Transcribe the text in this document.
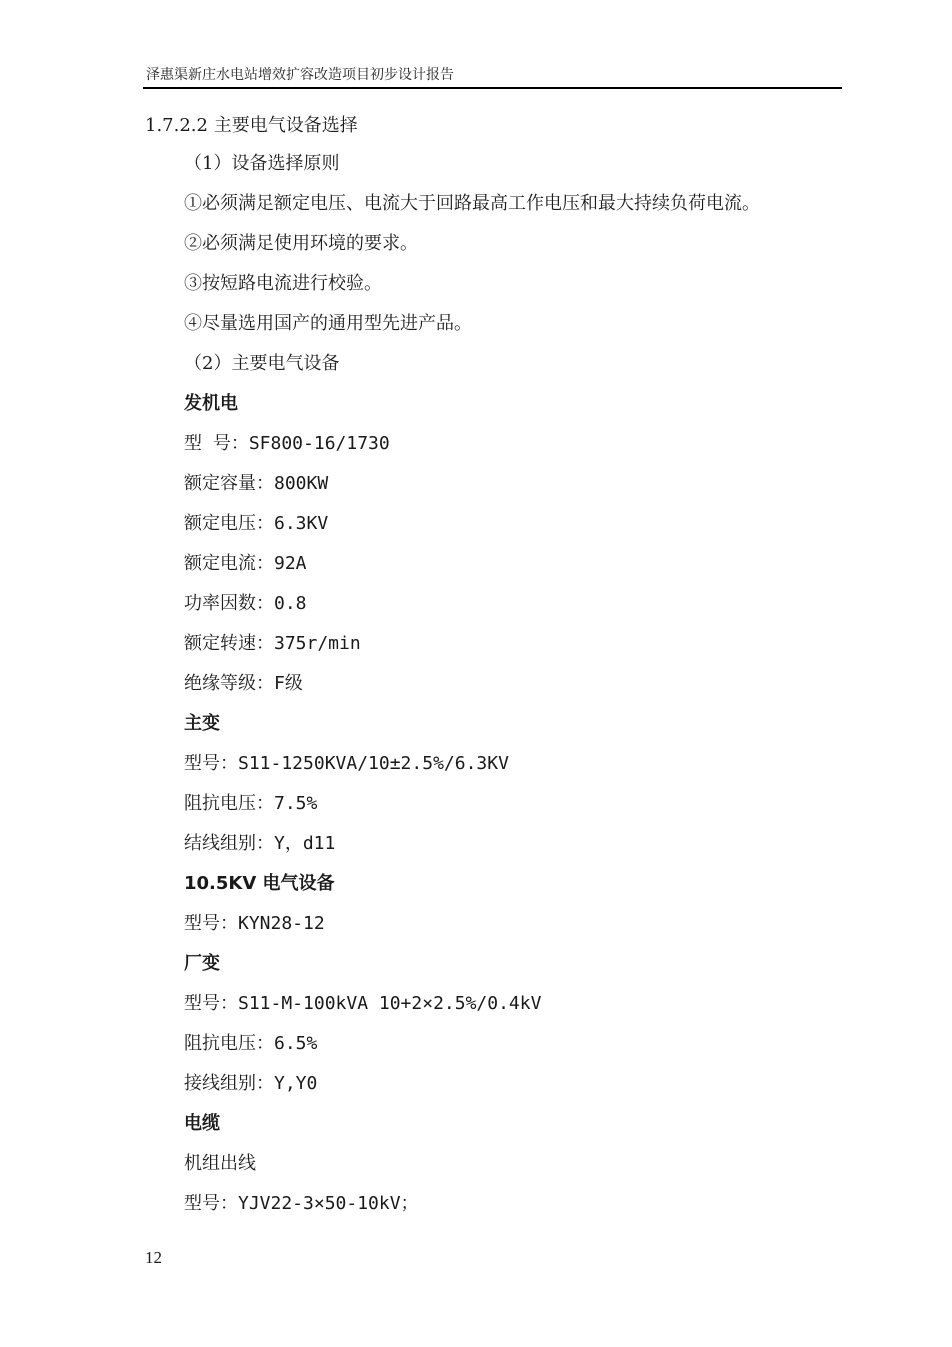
泽惠渠新庄水电站增效扩容改造项目初步设计报告
1.7.2.2 主要电气设备选择
（1）设备选择原则
①必须满足额定电压、电流大于回路最高工作电压和最大持续负荷电流。
②必须满足使用环境的要求。
③按短路电流进行校验。
④尽量选用国产的通用型先进产品。
（2）主要电气设备
发机电
型 号：SF800-16/1730
额定容量：800KW
额定电压：6.3KV
额定电流：92A
功率因数：0.8
额定转速：375r/min
绝缘等级：F级
主变
型号：S11-1250KVA/10±2.5%/6.3KV
阻抗电压：7.5%
结线组别：Y，d11
10.5KV 电气设备
型号：KYN28-12
厂变
型号：S11-M-100kVA 10+2×2.5%/0.4kV
阻抗电压：6.5%
接线组别：Y,Y0
电缆
机组出线
型号：YJV22-3×50-10kV；
12
